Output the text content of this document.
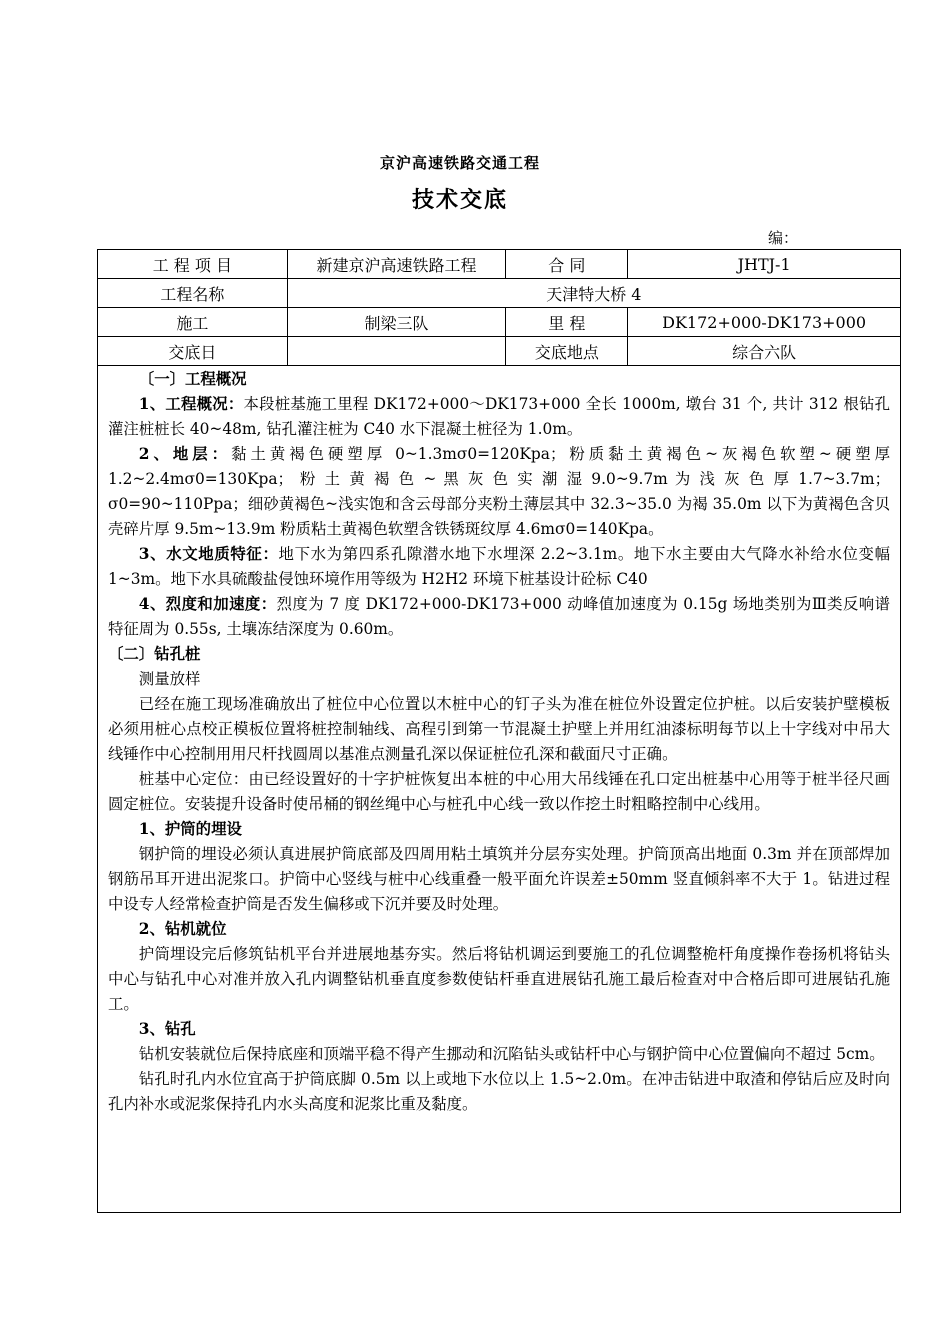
京沪高速铁路交通工程
技术交底
编：
工 程 项 目	新建京沪高速铁路工程	合 同	JHTJ-1
工程名称	天津特大桥 4		
施工	制梁三队	里 程	DK172+000-DK173+000
交底日		交底地点	综合六队

〔一〕工程概况

1、工程概况：本段桩基施工里程 DK172+000～DK173+000 全长 1000m, 墩台 31 个, 共计 312 根钻孔灌注桩桩长 40~48m, 钻孔灌注桩为 C40 水下混凝土桩径为 1.0m。

2、地层：黏土黄褐色硬塑厚 0~1.3mσ0=120Kpa；粉质黏土黄褐色~灰褐色软塑~硬塑厚 1.2~2.4mσ0=130Kpa； 粉 土 黄 褐 色 ~ 黑 灰 色 实 潮 湿 9.0~9.7m 为 浅 灰 色 厚 1.7~3.7m；σ0=90~110Ppa；细砂黄褐色~浅实饱和含云母部分夹粉土薄层其中 32.3~35.0 为褐 35.0m 以下为黄褐色含贝壳碎片厚 9.5m~13.9m 粉质粘土黄褐色软塑含铁锈斑纹厚 4.6mσ0=140Kpa。

3、水文地质特征：地下水为第四系孔隙潜水地下水埋深 2.2~3.1m。地下水主要由大气降水补给水位变幅 1~3m。地下水具硫酸盐侵蚀环境作用等级为 H2H2 环境下桩基设计砼标 C40

4、烈度和加速度：烈度为 7 度 DK172+000-DK173+000 动峰值加速度为 0.15g 场地类别为Ⅲ类反响谱特征周为 0.55s, 土壤冻结深度为 0.60m。

〔二〕钻孔桩

测量放样

已经在施工现场准确放出了桩位中心位置以木桩中心的钉子头为准在桩位外设置定位护桩。以后安装护壁模板必须用桩心点校正模板位置将桩控制轴线、高程引到第一节混凝土护壁上并用红油漆标明每节以上十字线对中吊大线锤作中心控制用用尺杆找圆周以基准点测量孔深以保证桩位孔深和截面尺寸正确。

桩基中心定位：由已经设置好的十字护桩恢复出本桩的中心用大吊线锤在孔口定出桩基中心用等于桩半径尺画圆定桩位。安装提升设备时使吊桶的钢丝绳中心与桩孔中心线一致以作挖土时粗略控制中心线用。

1、护筒的埋设

钢护筒的埋设必须认真进展护筒底部及四周用粘土填筑并分层夯实处理。护筒顶高出地面 0.3m 并在顶部焊加钢筋吊耳开进出泥浆口。护筒中心竖线与桩中心线重叠一般平面允许误差±50mm 竖直倾斜率不大于 1。钻进过程中设专人经常检查护筒是否发生偏移或下沉并要及时处理。

2、钻机就位

护筒埋设完后修筑钻机平台并进展地基夯实。然后将钻机调运到要施工的孔位调整桅杆角度操作卷扬机将钻头中心与钻孔中心对准并放入孔内调整钻机垂直度参数使钻杆垂直进展钻孔施工最后检查对中合格后即可进展钻孔施工。

3、钻孔

钻机安装就位后保持底座和顶端平稳不得产生挪动和沉陷钻头或钻杆中心与钢护筒中心位置偏向不超过 5cm。

钻孔时孔内水位宜高于护筒底脚 0.5m 以上或地下水位以上 1.5~2.0m。在冲击钻进中取渣和停钻后应及时向孔内补水或泥浆保持孔内水头高度和泥浆比重及黏度。
